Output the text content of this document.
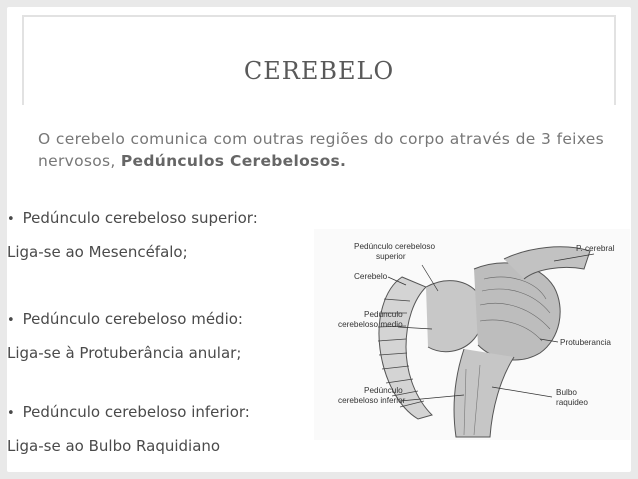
CEREBELO
O cerebelo comunica com outras regiões do corpo através de 3 feixes nervosos, Pedúnculos Cerebelosos.
• Pedúnculo cerebeloso superior:
Liga-se ao Mesencéfalo;
• Pedúnculo cerebeloso médio:
Liga-se à Protuberância anular;
• Pedúnculo cerebeloso inferior:
Liga-se ao Bulbo Raquidiano
Pedúnculo cerebeloso
superior
Cerebelo
Pedúnculo
cerebeloso medio
Pedúnculo
cerebeloso inferior
P. cerebral
Protuberancia
Bulbo
raquideo
